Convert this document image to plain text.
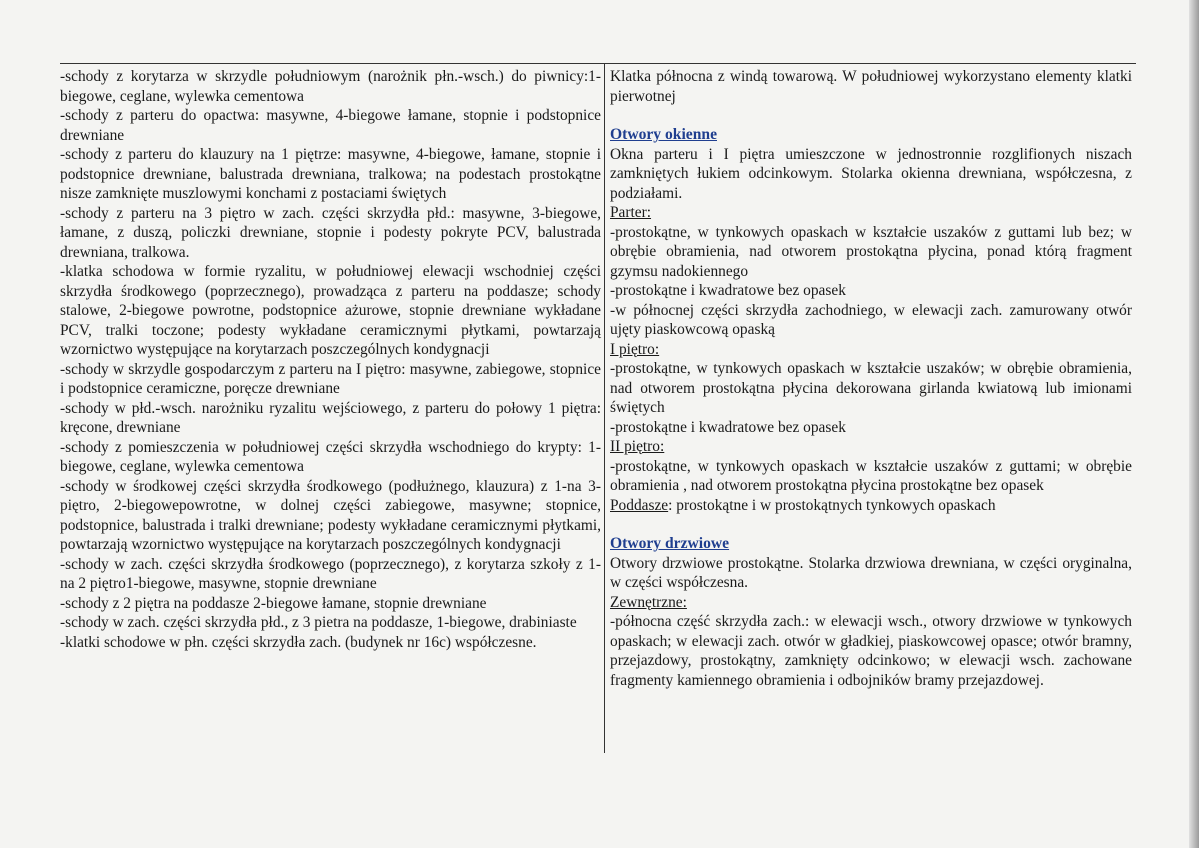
-schody z korytarza w skrzydle południowym (narożnik płn.-wsch.) do piwnicy:1-biegowe, ceglane, wylewka cementowa

-schody z parteru do opactwa: masywne, 4-biegowe łamane, stopnie i podstopnice drewniane

-schody z parteru do klauzury na 1 piętrze: masywne, 4-biegowe, łamane, stopnie i podstopnice drewniane, balustrada drewniana, tralkowa; na podestach prostokątne nisze zamknięte muszlowymi konchami z postaciami świętych

-schody z parteru na 3 piętro w zach. części skrzydła płd.: masywne, 3-biegowe, łamane, z duszą, policzki drewniane, stopnie i podesty pokryte PCV, balustrada drewniana, tralkowa.

-klatka schodowa w formie ryzalitu, w południowej elewacji wschodniej części skrzydła środkowego (poprzecznego), prowadząca z parteru na poddasze; schody stalowe, 2-biegowe powrotne, podstopnice ażurowe, stopnie drewniane wykładane PCV, tralki toczone; podesty wykładane ceramicznymi płytkami, powtarzają wzornictwo występujące na korytarzach poszczególnych kondygnacji

-schody w skrzydle gospodarczym z parteru na I piętro: masywne, zabiegowe, stopnice i podstopnice ceramiczne, poręcze drewniane

-schody w płd.-wsch. narożniku ryzalitu wejściowego, z parteru do połowy 1 piętra: kręcone, drewniane

-schody z pomieszczenia w południowej części skrzydła wschodniego do krypty: 1-biegowe, ceglane, wylewka cementowa

-schody w środkowej części skrzydła środkowego (podłużnego, klauzura) z 1-na 3- piętro, 2-biegowepowrotne, w dolnej części zabiegowe, masywne; stopnice, podstopnice, balustrada i tralki drewniane; podesty wykładane ceramicznymi płytkami, powtarzają wzornictwo występujące na korytarzach poszczególnych kondygnacji

-schody w zach. części skrzydła środkowego (poprzecznego), z korytarza szkoły z 1- na 2 piętro1-biegowe, masywne, stopnie drewniane

-schody z 2 piętra na poddasze 2-biegowe łamane, stopnie drewniane

-schody w zach. części skrzydła płd., z 3 pietra na poddasze, 1-biegowe, drabiniaste

-klatki schodowe w płn. części skrzydła zach. (budynek nr 16c) współczesne.

Klatka północna z windą towarową. W południowej wykorzystano elementy klatki pierwotnej

Otwory okienne

Okna parteru i I piętra umieszczone w jednostronnie rozglifionych niszach zamkniętych łukiem odcinkowym. Stolarka okienna drewniana, współczesna, z podziałami.

Parter:

-prostokątne, w tynkowych opaskach w kształcie uszaków z guttami lub bez; w obrębie obramienia, nad otworem prostokątna płycina, ponad którą fragment gzymsu nadokiennego

-prostokątne i kwadratowe bez opasek

-w północnej części skrzydła zachodniego, w elewacji zach. zamurowany otwór ujęty piaskowcową opaską

I piętro:

-prostokątne, w tynkowych opaskach w kształcie uszaków; w obrębie obramienia, nad otworem prostokątna płycina dekorowana girlanda kwiatową lub imionami świętych

-prostokątne i kwadratowe bez opasek

II piętro:

-prostokątne, w tynkowych opaskach w kształcie uszaków z guttami; w obrębie obramienia , nad otworem prostokątna płycina prostokątne bez opasek

Poddasze: prostokątne i w prostokątnych tynkowych opaskach

Otwory drzwiowe

Otwory drzwiowe prostokątne. Stolarka drzwiowa drewniana, w części oryginalna, w części współczesna.

Zewnętrzne:

-północna część skrzydła zach.: w elewacji wsch., otwory drzwiowe w tynkowych opaskach; w elewacji zach. otwór w gładkiej, piaskowcowej opasce; otwór bramny, przejazdowy, prostokątny, zamknięty odcinkowo; w elewacji wsch. zachowane fragmenty kamiennego obramienia i odbojników bramy przejazdowej.
